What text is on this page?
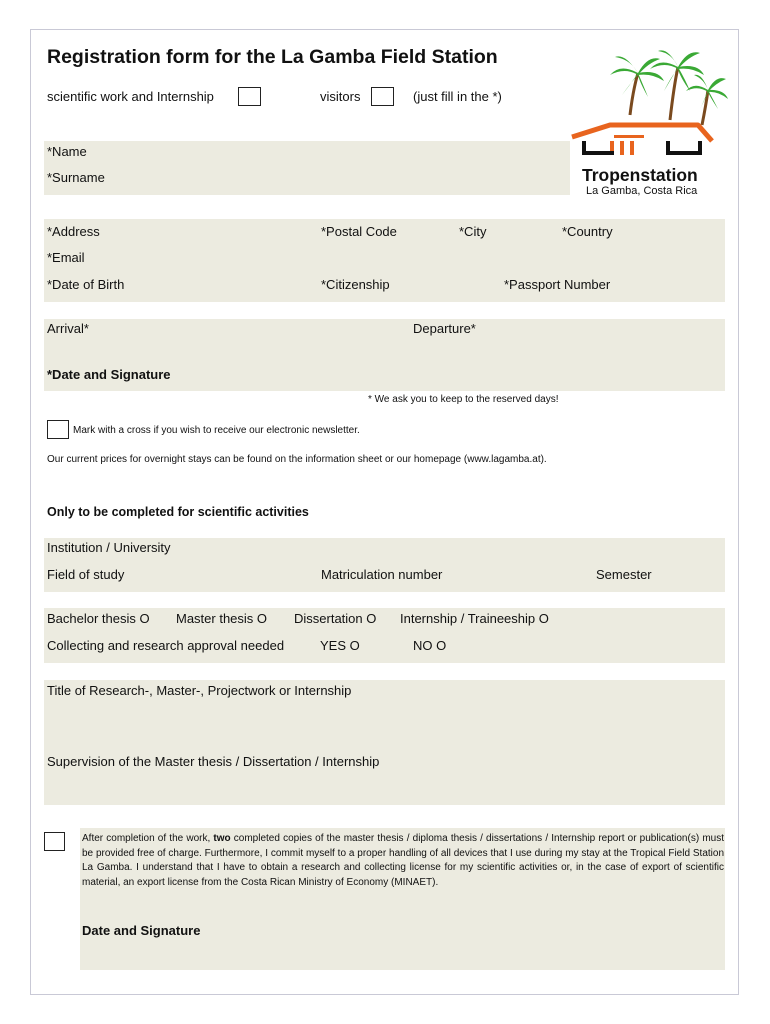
Registration form for the La Gamba Field Station
scientific work and Internship	visitors	(just fill in the *)
Tropenstation
La Gamba, Costa Rica
*Name
*Surname
*Address	*Postal Code	*City	*Country
*Email
*Date of Birth	*Citizenship	*Passport Number
Arrival*	Departure*
*Date and Signature
* We ask you to keep to the reserved days!
Mark with a cross if you wish to receive our electronic newsletter.
Our current prices for overnight stays can be found on the information sheet or our homepage (www.lagamba.at).
Only to be completed for scientific activities
Institution / University
Field of study	Matriculation number	Semester
Bachelor thesis O Master thesis O Dissertation O Internship / Traineeship O
Collecting and research approval needed	YES O	NO O
Title of Research-, Master-, Projectwork or Internship
Supervision of the Master thesis / Dissertation / Internship
After completion of the work, two completed copies of the master thesis / diploma thesis / dissertations / Internship report or publication(s) must be provided free of charge. Furthermore, I commit myself to a proper handling of all devices that I use during my stay at the Tropical Field Station La Gamba. I understand that I have to obtain a research and collecting license for my scientific activities or, in the case of export of scientific material, an export license from the Costa Rican Ministry of Economy (MINAET).
Date and Signature
